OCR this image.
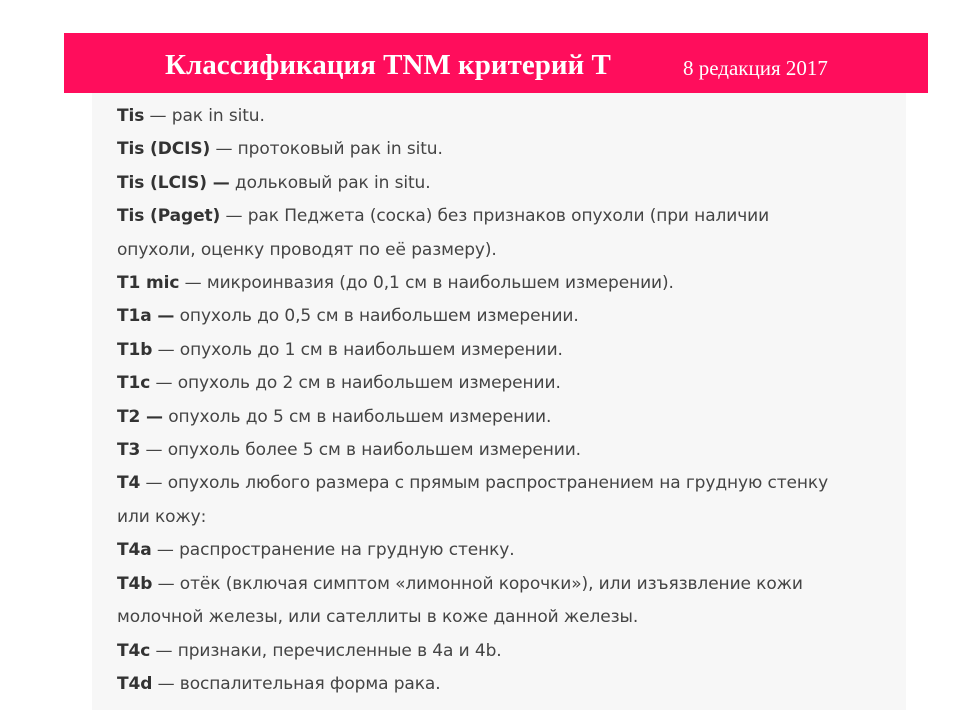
Классификация TNM критерий T	8 редакция 2017

Tis — рак in situ.

Tis (DCIS) — протоковый рак in situ.

Tis (LCIS) — дольковый рак in situ.

Tis (Paget) — рак Педжета (соска) без признаков опухоли (при наличии опухоли, оценку проводят по её размеру).

T1 mic — микроинвазия (до 0,1 см в наибольшем измерении).

T1a — опухоль до 0,5 см в наибольшем измерении.

T1b — опухоль до 1 см в наибольшем измерении.

T1c — опухоль до 2 см в наибольшем измерении.

T2 — опухоль до 5 см в наибольшем измерении.

T3 — опухоль более 5 см в наибольшем измерении.

T4 — опухоль любого размера с прямым распространением на грудную стенку или кожу:

T4a — распространение на грудную стенку.

T4b — отёк (включая симптом «лимонной корочки»), или изъязвление кожи молочной железы, или сателлиты в коже данной железы.

T4c — признаки, перечисленные в 4a и 4b.

T4d — воспалительная форма рака.
